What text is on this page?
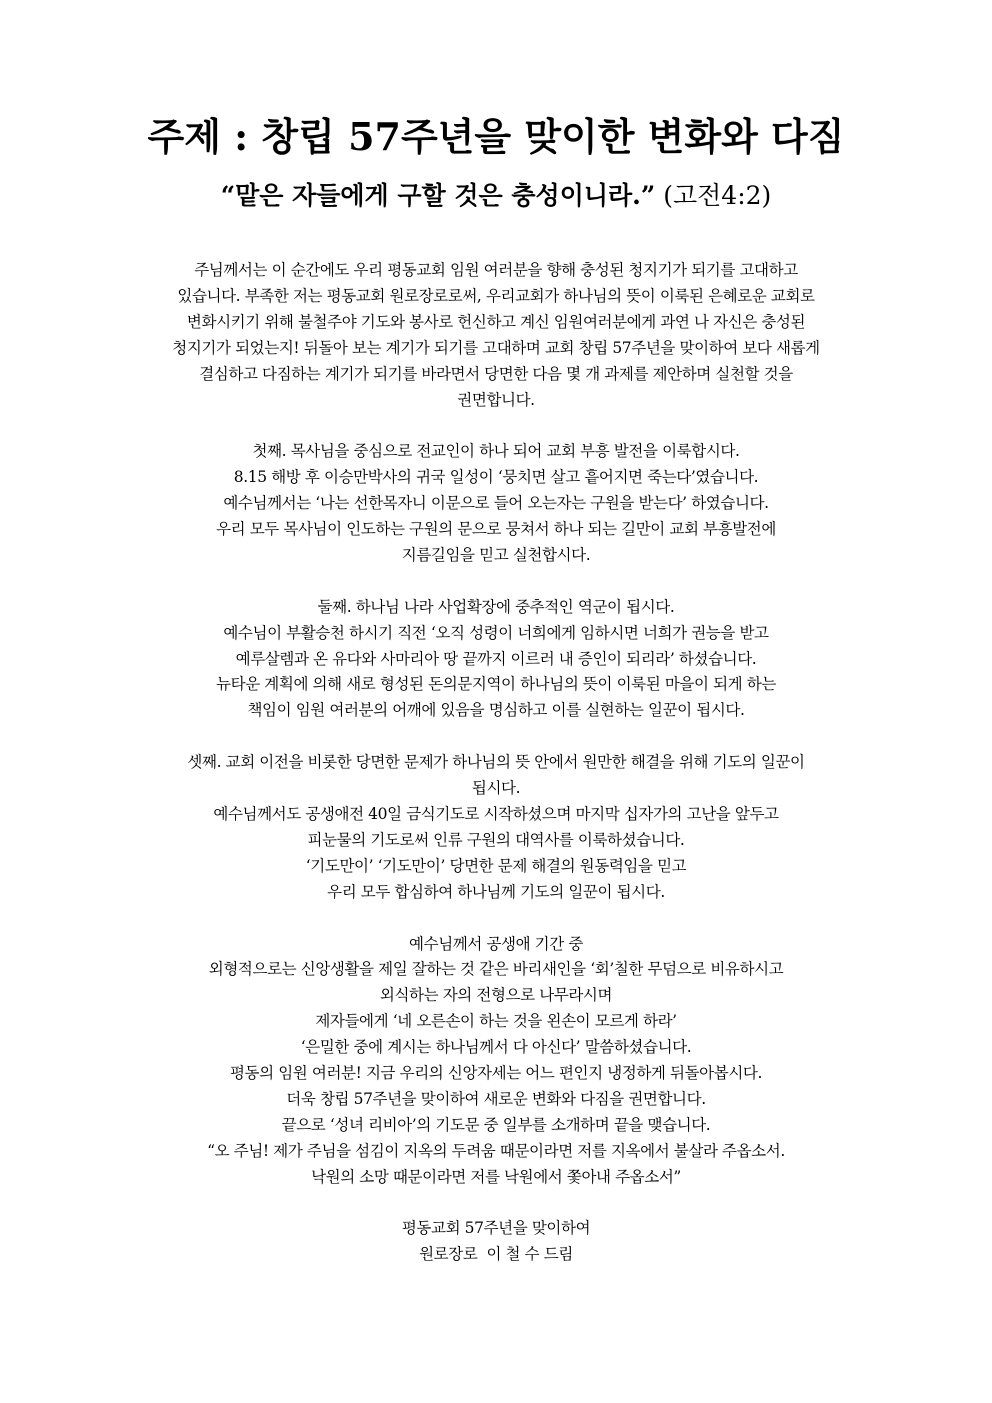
주제 : 창립 57주년을 맞이한 변화와 다짐
“맡은 자들에게 구할 것은 충성이니라.” (고전4:2)
주님께서는 이 순간에도 우리 평동교회 임원 여러분을 향해 충성된 청지기가 되기를 고대하고
있습니다. 부족한 저는 평동교회 원로장로로써, 우리교회가 하나님의 뜻이 이룩된 은혜로운 교회로
변화시키기 위해 불철주야 기도와 봉사로 헌신하고 계신 임원여러분에게 과연 나 자신은 충성된
청지기가 되었는지! 뒤돌아 보는 계기가 되기를 고대하며 교회 창립 57주년을 맞이하여 보다 새롭게
결심하고 다짐하는 계기가 되기를 바라면서 당면한 다음 몇 개 과제를 제안하며 실천할 것을
권면합니다.
첫째. 목사님을 중심으로 전교인이 하나 되어 교회 부흥 발전을 이룩합시다.
8.15 해방 후 이승만박사의 귀국 일성이 ‘뭉치면 살고 흩어지면 죽는다’였습니다.
예수님께서는 ‘나는 선한목자니 이문으로 들어 오는자는 구원을 받는다’ 하였습니다.
우리 모두 목사님이 인도하는 구원의 문으로 뭉쳐서 하나 되는 길만이 교회 부흥발전에
지름길임을 믿고 실천합시다.
둘째. 하나님 나라 사업확장에 중추적인 역군이 됩시다.
예수님이 부활승천 하시기 직전 ‘오직 성령이 너희에게 임하시면 너희가 권능을 받고
예루살렘과 온 유다와 사마리아 땅 끝까지 이르러 내 증인이 되리라’ 하셨습니다.
뉴타운 계획에 의해 새로 형성된 돈의문지역이 하나님의 뜻이 이룩된 마을이 되게 하는
책임이 임원 여러분의 어깨에 있음을 명심하고 이를 실현하는 일꾼이 됩시다.
셋째. 교회 이전을 비롯한 당면한 문제가 하나님의 뜻 안에서 원만한 해결을 위해 기도의 일꾼이
됩시다.
예수님께서도 공생애전 40일 금식기도로 시작하셨으며 마지막 십자가의 고난을 앞두고
피눈물의 기도로써 인류 구원의 대역사를 이룩하셨습니다.
‘기도만이’ ‘기도만이’ 당면한 문제 해결의 원동력임을 믿고
우리 모두 합심하여 하나님께 기도의 일꾼이 됩시다.
예수님께서 공생애 기간 중
외형적으로는 신앙생활을 제일 잘하는 것 같은 바리새인을 ‘회’칠한 무덤으로 비유하시고
외식하는 자의 전형으로 나무라시며
제자들에게 ‘네 오른손이 하는 것을 왼손이 모르게 하라’
‘은밀한 중에 계시는 하나님께서 다 아신다’ 말씀하셨습니다.
평동의 임원 여러분! 지금 우리의 신앙자세는 어느 편인지 냉정하게 뒤돌아봅시다.
더욱 창립 57주년을 맞이하여 새로운 변화와 다짐을 권면합니다.
끝으로 ‘성녀 리비아’의 기도문 중 일부를 소개하며 끝을 맺습니다.
“오 주님! 제가 주님을 섬김이 지옥의 두려움 때문이라면 저를 지옥에서 불살라 주옵소서.
낙원의 소망 때문이라면 저를 낙원에서 쫓아내 주옵소서”
평동교회 57주년을 맞이하여
원로장로  이 철 수 드림
